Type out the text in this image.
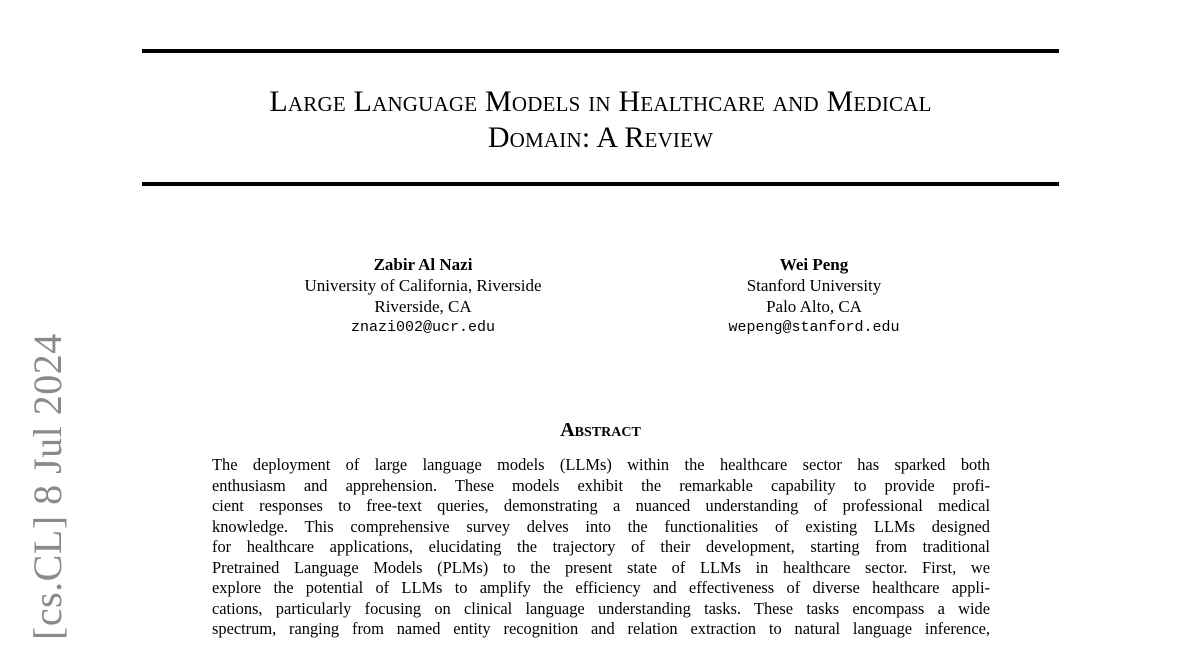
Large Language Models in Healthcare and Medical
Domain: A Review
Zabir Al Nazi
University of California, Riverside
Riverside, CA
znazi002@ucr.edu
Wei Peng
Stanford University
Palo Alto, CA
wepeng@stanford.edu
[cs.CL] 8 Jul 2024	Abstract
The deployment of large language models (LLMs) within the healthcare sector has sparked both
enthusiasm and apprehension. These models exhibit the remarkable capability to provide profi-
cient responses to free-text queries, demonstrating a nuanced understanding of professional medical
knowledge. This comprehensive survey delves into the functionalities of existing LLMs designed
for healthcare applications, elucidating the trajectory of their development, starting from traditional
Pretrained Language Models (PLMs) to the present state of LLMs in healthcare sector. First, we
explore the potential of LLMs to amplify the efficiency and effectiveness of diverse healthcare appli-
cations, particularly focusing on clinical language understanding tasks. These tasks encompass a wide
spectrum, ranging from named entity recognition and relation extraction to natural language inference,
